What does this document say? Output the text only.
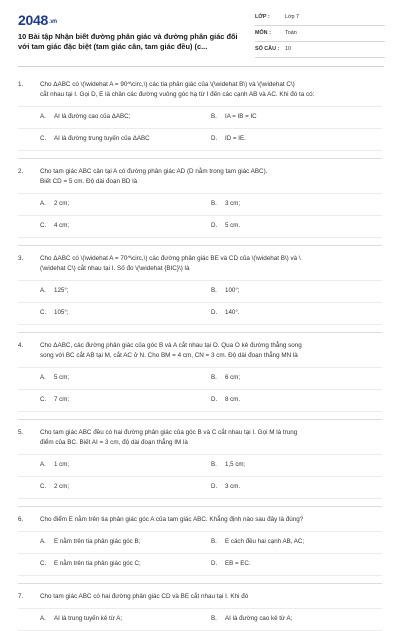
$2048^{.vn}$
10 Bài tập Nhận biết đường phân giác và đường phân giác đối với tam giác đặc biệt (tam giác cân, tam giác đều) (c...
LỚP :	Lớp 7
MÔN :	Toán
SỐ CÂU : 10
1.	Cho ΔABC có \(\widehat A = 90^\circ,\) các tia phân giác của \(\widehat B\) và \(\widehat C\)
cắt nhau tại I. Gọi D, E là chân các đường vuông góc hạ từ I đến các cạnh AB và AC. Khi đó ta có:
A. AI là đường cao của ΔABC;	B. IA = IB = IC
C. AI là đường trung tuyến của ΔABC	D. ID = IE.
2.	Cho tam giác ABC cân tại A có đường phân giác AD (D nằm trong tam giác ABC).
Biết CD = 5 cm. Độ dài đoạn BD là
A. 2 cm;	B. 3 cm;
C. 4 cm;	D. 5 cm.
3.	Cho ΔABC có \(\widehat A = 70^\circ,\) các đường phân giác BE và CD của \(\widehat B\) và \
(\widehat C\) cắt nhau tại I. Số đo \(\widehat {BIC}\) là
A. 125°;	B. 100°;
C. 105°;	D. 140°.
4.	Cho ΔABC, các đường phân giác của góc B và A cắt nhau tại O. Qua O kẻ đường thẳng song
song với BC cắt AB tại M, cắt AC ở N. Cho BM = 4 cm, CN = 3 cm. Độ dài đoạn thẳng MN là
A. 5 cm;	B. 6 cm;
C. 7 cm;	D. 8 cm.
5.	Cho tam giác ABC đều có hai đường phân giác của góc B và C cắt nhau tại I. Gọi M là trung
điểm của BC. Biết AI = 3 cm, độ dài đoạn thẳng IM là
A. 1 cm;	B. 1,5 cm;
C. 2 cm;	D. 3 cm.
6.	Cho điểm E nằm trên tia phân giác góc A của tam giác ABC. Khẳng định nào sau đây là đúng?
A. E nằm trên tia phân giác góc B;	B. E cách đều hai cạnh AB, AC;
C. E nằm trên tia phân giác góc C;	D. EB = EC.
7.	Cho tam giác ABC có hai đường phân giác CD và BE cắt nhau tại I. Khi đó
A. AI là trung tuyến kẻ từ A;	B. AI là đường cao kẻ từ A;
